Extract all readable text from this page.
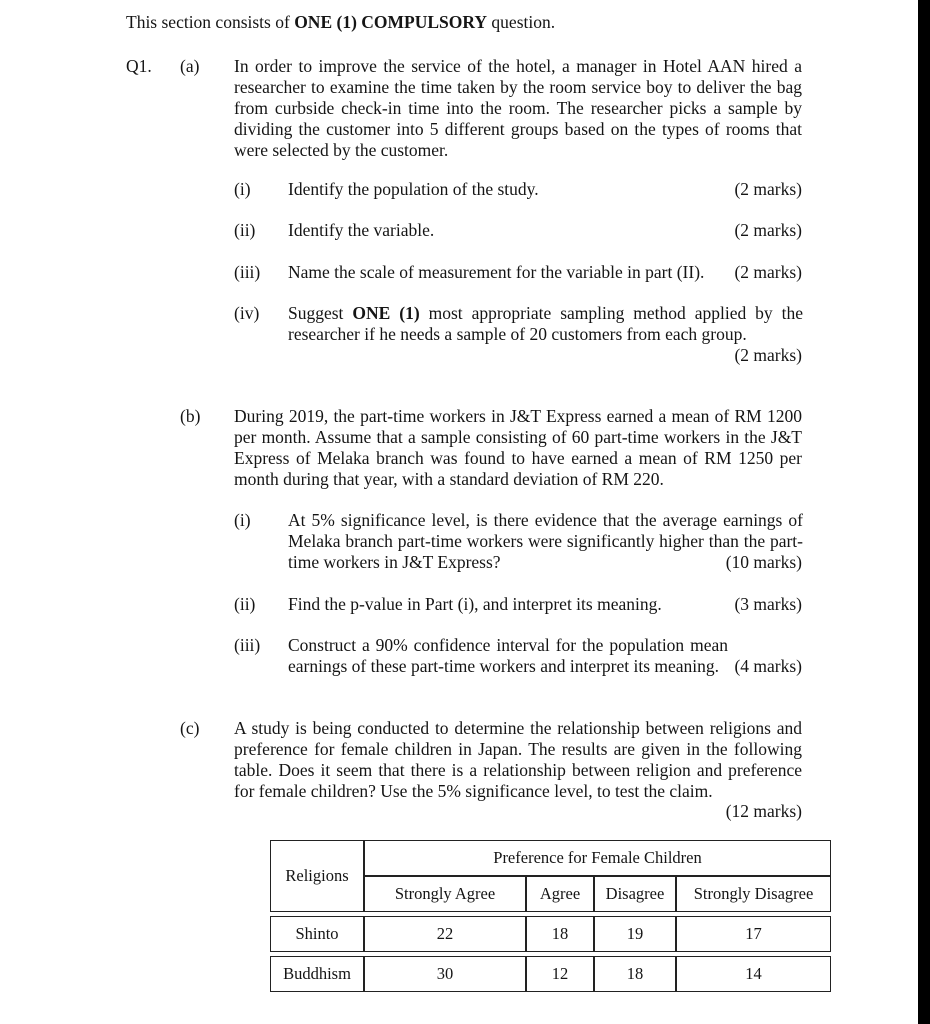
This section consists of ONE (1) COMPULSORY question.
Q1. (a) In order to improve the service of the hotel, a manager in Hotel AAN hired a researcher to examine the time taken by the room service boy to deliver the bag from curbside check-in time into the room. The researcher picks a sample by dividing the customer into 5 different groups based on the types of rooms that were selected by the customer.
(i) Identify the population of the study.	(2 marks)
(ii) Identify the variable.	(2 marks)
(iii) Name the scale of measurement for the variable in part (II). (2 marks)
(iv) Suggest ONE (1) most appropriate sampling method applied by the researcher if he needs a sample of 20 customers from each group.
(2 marks)
(b) During 2019, the part-time workers in J&T Express earned a mean of RM 1200 per month. Assume that a sample consisting of 60 part-time workers in the J&T Express of Melaka branch was found to have earned a mean of RM 1250 per month during that year, with a standard deviation of RM 220.
(i) At 5% significance level, is there evidence that the average earnings of Melaka branch part-time workers were significantly higher than the part-time workers in J&T Express?	(10 marks)
(ii) Find the p-value in Part (i), and interpret its meaning.	(3 marks)
(iii) Construct a 90% confidence interval for the population mean earnings of these part-time workers and interpret its meaning. (4 marks)
(c) A study is being conducted to determine the relationship between religions and preference for female children in Japan. The results are given in the following table. Does it seem that there is a relationship between religion and preference for female children? Use the 5% significance level, to test the claim.
(12 marks)
Religions	Preference for Female Children			
	Strongly Agree	Agree	Disagree	Strongly Disagree

Shinto	22	18	19	17

Buddhism	30	12	18	14
